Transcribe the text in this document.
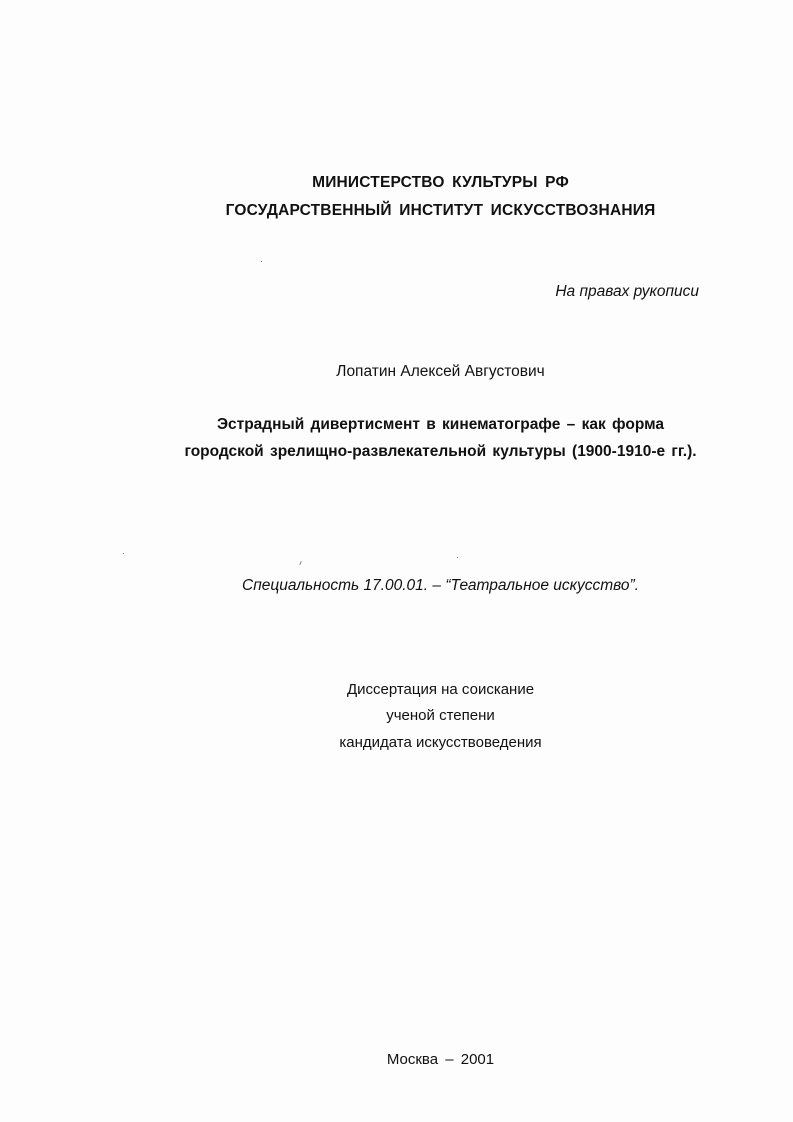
МИНИСТЕРСТВО КУЛЬТУРЫ РФ
ГОСУДАРСТВЕННЫЙ ИНСТИТУТ ИСКУССТВОЗНАНИЯ
На правах рукописи
Лопатин Алексей Августович
Эстрадный дивертисмент в кинематографе – как форма
городской зрелищно-развлекательной культуры (1900-1910-е гг.).
Специальность 17.00.01. – “Театральное искусство”.
Диссертация на соискание
ученой степени
кандидата искусствоведения
Москва – 2001
